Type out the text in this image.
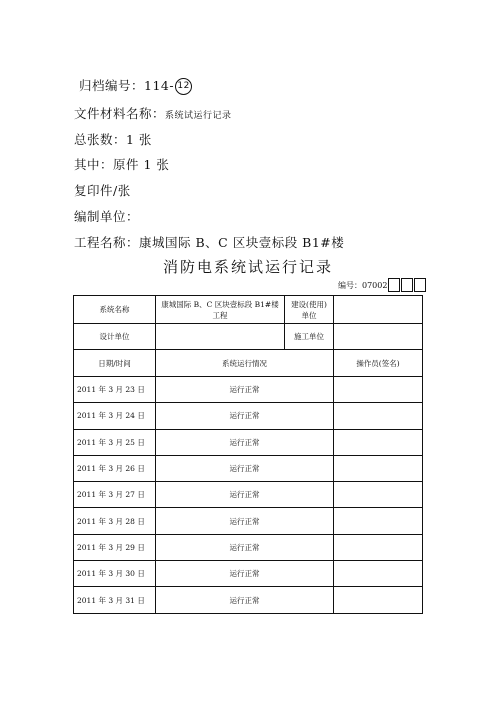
归档编号：114- 12
文件材料名称：系统试运行记录
总张数：1 张
其中：原件 1 张
复印件/张
编制单位：
工程名称：康城国际 B、C 区块壹标段 B1#楼
消防电系统试运行记录
编号：07002
系统名称	康城国际 B、C 区块壹标段 B1#楼工程	建设(使用)单位	
设计单位		施工单位	
日期/时间	系统运行情况		操作员(签名)
2011 年 3 月 23 日	运行正常		
2011 年 3 月 24 日	运行正常		
2011 年 3 月 25 日	运行正常		
2011 年 3 月 26 日	运行正常		
2011 年 3 月 27 日	运行正常		
2011 年 3 月 28 日	运行正常		
2011 年 3 月 29 日	运行正常		
2011 年 3 月 30 日	运行正常		
2011 年 3 月 31 日	运行正常		
